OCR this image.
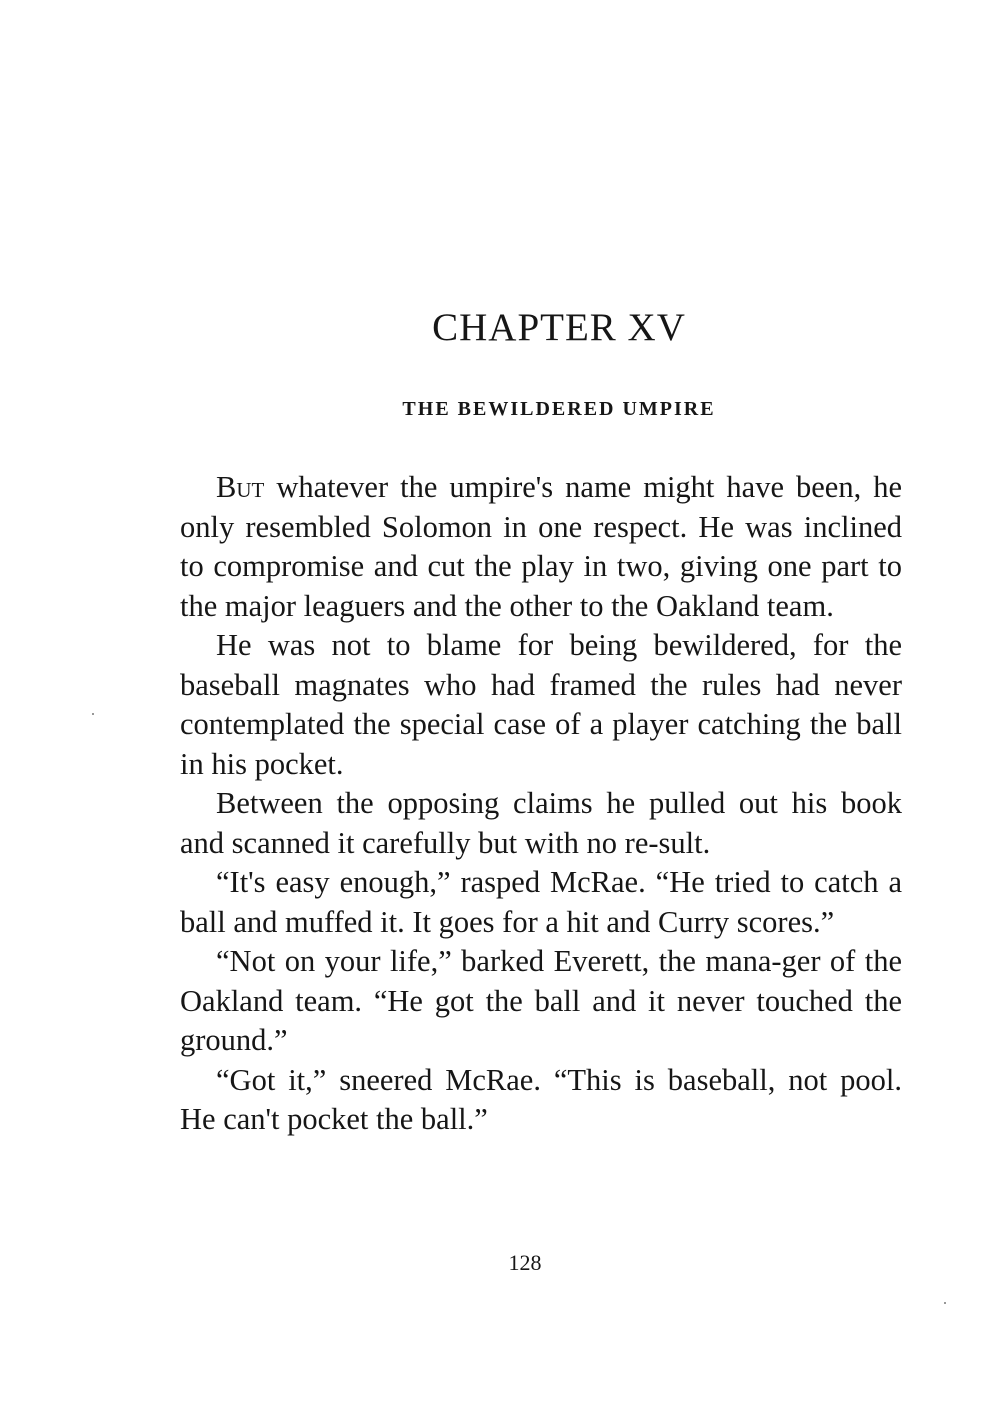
CHAPTER XV
THE BEWILDERED UMPIRE

But whatever the umpire's name might have been, he only resembled Solomon in one respect. He was inclined to compromise and cut the play in two, giving one part to the major leaguers and the other to the Oakland team.

He was not to blame for being bewildered, for the baseball magnates who had framed the rules had never contemplated the special case of a player catching the ball in his pocket.

Between the opposing claims he pulled out his book and scanned it carefully but with no re-sult.

“It's easy enough,” rasped McRae. “He tried to catch a ball and muffed it. It goes for a hit and Curry scores.”

“Not on your life,” barked Everett, the mana-ger of the Oakland team. “He got the ball and it never touched the ground.”

“Got it,” sneered McRae. “This is baseball, not pool. He can't pocket the ball.”

128
